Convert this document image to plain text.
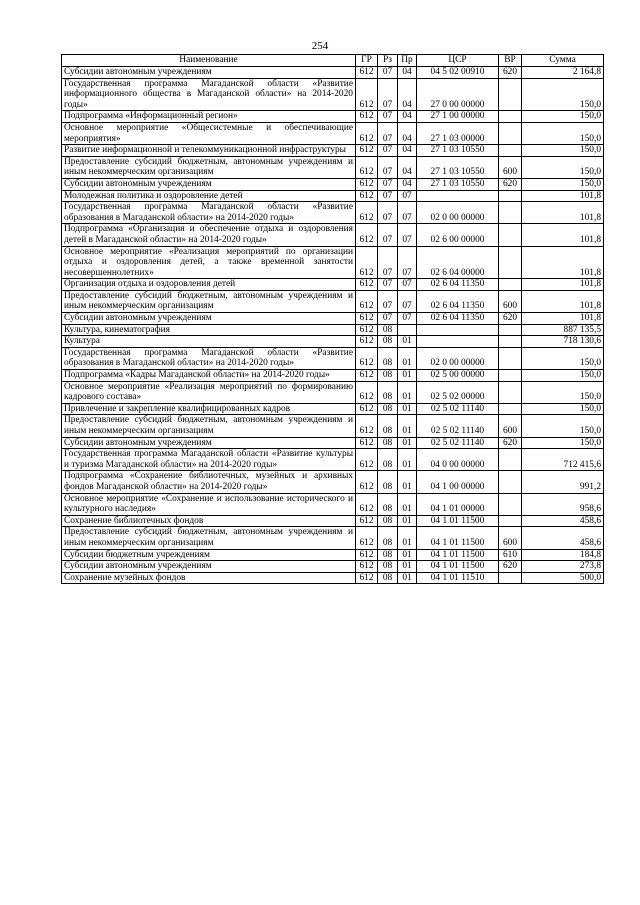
254
Наименование	ГР	Рз	Пр	ЦСР	ВР	Сумма
Субсидии автономным учреждениям	612	07	04	04 5 02 00910	620	2 164,8
Государственная программа Магаданской области «Развитие информационного общества в Магаданской области» на 2014-2020 годы»	612	07	04	27 0 00 00000		150,0
Подпрограмма «Информационный регион»	612	07	04	27 1 00 00000		150,0
Основное мероприятие «Общесистемные и обеспечивающие мероприятия»	612	07	04	27 1 03 00000		150,0
Развитие информационной и телекоммуникационной инфраструктуры	612	07	04	27 1 03 10550		150,0
Предоставление субсидий бюджетным, автономным учреждениям и иным некоммерческим организациям	612	07	04	27 1 03 10550	600	150,0
Субсидии автономным учреждениям	612	07	04	27 1 03 10550	620	150,0
Молодежная политика и оздоровление детей	612	07	07			101,8
Государственная программа Магаданской области «Развитие образования в Магаданской области» на 2014-2020 годы»	612	07	07	02 0 00 00000		101,8
Подпрограмма «Организация и обеспечение отдыха и оздоровления детей в Магаданской области» на 2014-2020 годы»	612	07	07	02 6 00 00000		101,8
Основное мероприятие «Реализация мероприятий по организации отдыха и оздоровления детей, а также временной занятости несовершеннолетних»	612	07	07	02 6 04 00000		101,8
Организация отдыха и оздоровления детей	612	07	07	02 6 04 11350		101,8
Предоставление субсидий бюджетным, автономным учреждениям и иным некоммерческим организациям	612	07	07	02 6 04 11350	600	101,8
Субсидии автономным учреждениям	612	07	07	02 6 04 11350	620	101,8
Культура, кинематография	612	08				887 135,5
Культура	612	08	01			718 130,6
Государственная программа Магаданской области «Развитие образования в Магаданской области» на 2014-2020 годы»	612	08	01	02 0 00 00000		150,0
Подпрограмма «Кадры Магаданской области» на 2014-2020 годы»	612	08	01	02 5 00 00000		150,0
Основное мероприятие «Реализация мероприятий по формированию кадрового состава»	612	08	01	02 5 02 00000		150,0
Привлечение и закрепление квалифицированных кадров	612	08	01	02 5 02 11140		150,0
Предоставление субсидий бюджетным, автономным учреждениям и иным некоммерческим организациям	612	08	01	02 5 02 11140	600	150,0
Субсидии автономным учреждениям	612	08	01	02 5 02 11140	620	150,0
Государственная программа Магаданской области «Развитие культуры и туризма Магаданской области» на 2014-2020 годы»	612	08	01	04 0 00 00000		712 415,6
Подпрограмма «Сохранение библиотечных, музейных и архивных фондов Магаданской области» на 2014-2020 годы»	612	08	01	04 1 00 00000		991,2
Основное мероприятие «Сохранение и использование исторического и культурного наследия»	612	08	01	04 1 01 00000		958,6
Сохранение библиотечных фондов	612	08	01	04 1 01 11500		458,6
Предоставление субсидий бюджетным, автономным учреждениям и иным некоммерческим организациям	612	08	01	04 1 01 11500	600	458,6
Субсидии бюджетным учреждениям	612	08	01	04 1 01 11500	610	184,8
Субсидии автономным учреждениям	612	08	01	04 1 01 11500	620	273,8
Сохранение музейных фондов	612	08	01	04 1 01 11510		500,0
